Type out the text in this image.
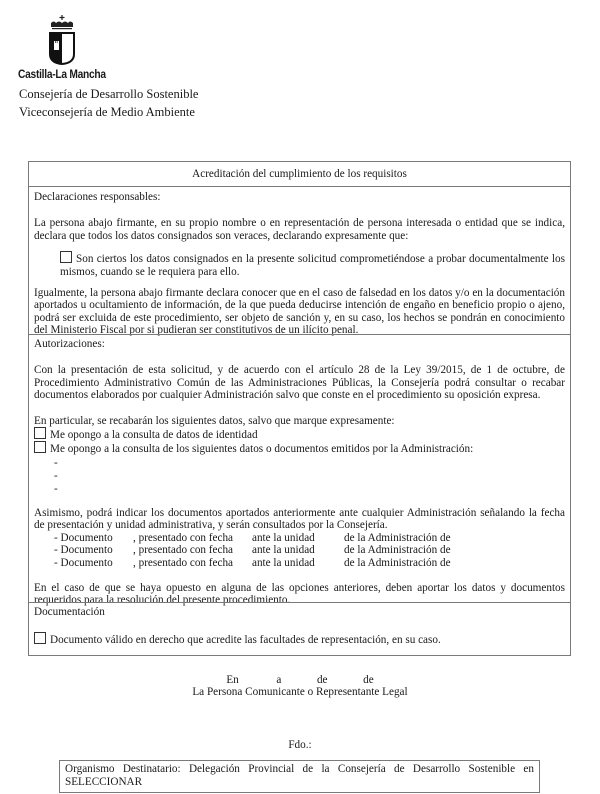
Castilla-La Mancha
Consejería de Desarrollo Sostenible
Viceconsejería de Medio Ambiente
Acreditación del cumplimiento de los requisitos

Declaraciones responsables:

La persona abajo firmante, en su propio nombre o en representación de persona interesada o entidad que se indica, declara que todos los datos consignados son veraces, declarando expresamente que:

Son ciertos los datos consignados en la presente solicitud comprometiéndose a probar documentalmente los mismos, cuando se le requiera para ello.

Igualmente, la persona abajo firmante declara conocer que en el caso de falsedad en los datos y/o en la documentación aportados u ocultamiento de información, de la que pueda deducirse intención de engaño en beneficio propio o ajeno, podrá ser excluida de este procedimiento, ser objeto de sanción y, en su caso, los hechos se pondrán en conocimiento del Ministerio Fiscal por si pudieran ser constitutivos de un ilícito penal.

Autorizaciones:

Con la presentación de esta solicitud, y de acuerdo con el artículo 28 de la Ley 39/2015, de 1 de octubre, de Procedimiento Administrativo Común de las Administraciones Públicas, la Consejería podrá consultar o recabar documentos elaborados por cualquier Administración salvo que conste en el procedimiento su oposición expresa.

En particular, se recabarán los siguientes datos, salvo que marque expresamente:

Me opongo a la consulta de datos de identidad

Me opongo a la consulta de los siguientes datos o documentos emitidos por la Administración:

-
-
-

Asimismo, podrá indicar los documentos aportados anteriormente ante cualquier Administración señalando la fecha de presentación y unidad administrativa, y serán consultados por la Consejería.

- Documento , presentado con fecha ante la unidad	de la Administración de
- Documento , presentado con fecha ante la unidad	de la Administración de
- Documento , presentado con fecha ante la unidad	de la Administración de

En el caso de que se haya opuesto en alguna de las opciones anteriores, deben aportar los datos y documentos requeridos para la resolución del presente procedimiento.

Documentación

Documento válido en derecho que acredite las facultades de representación, en su caso.

En	a	de	de
La Persona Comunicante o Representante Legal
Fdo.:
Organismo Destinatario: Delegación Provincial de la Consejería de Desarrollo Sostenible en
SELECCIONAR
